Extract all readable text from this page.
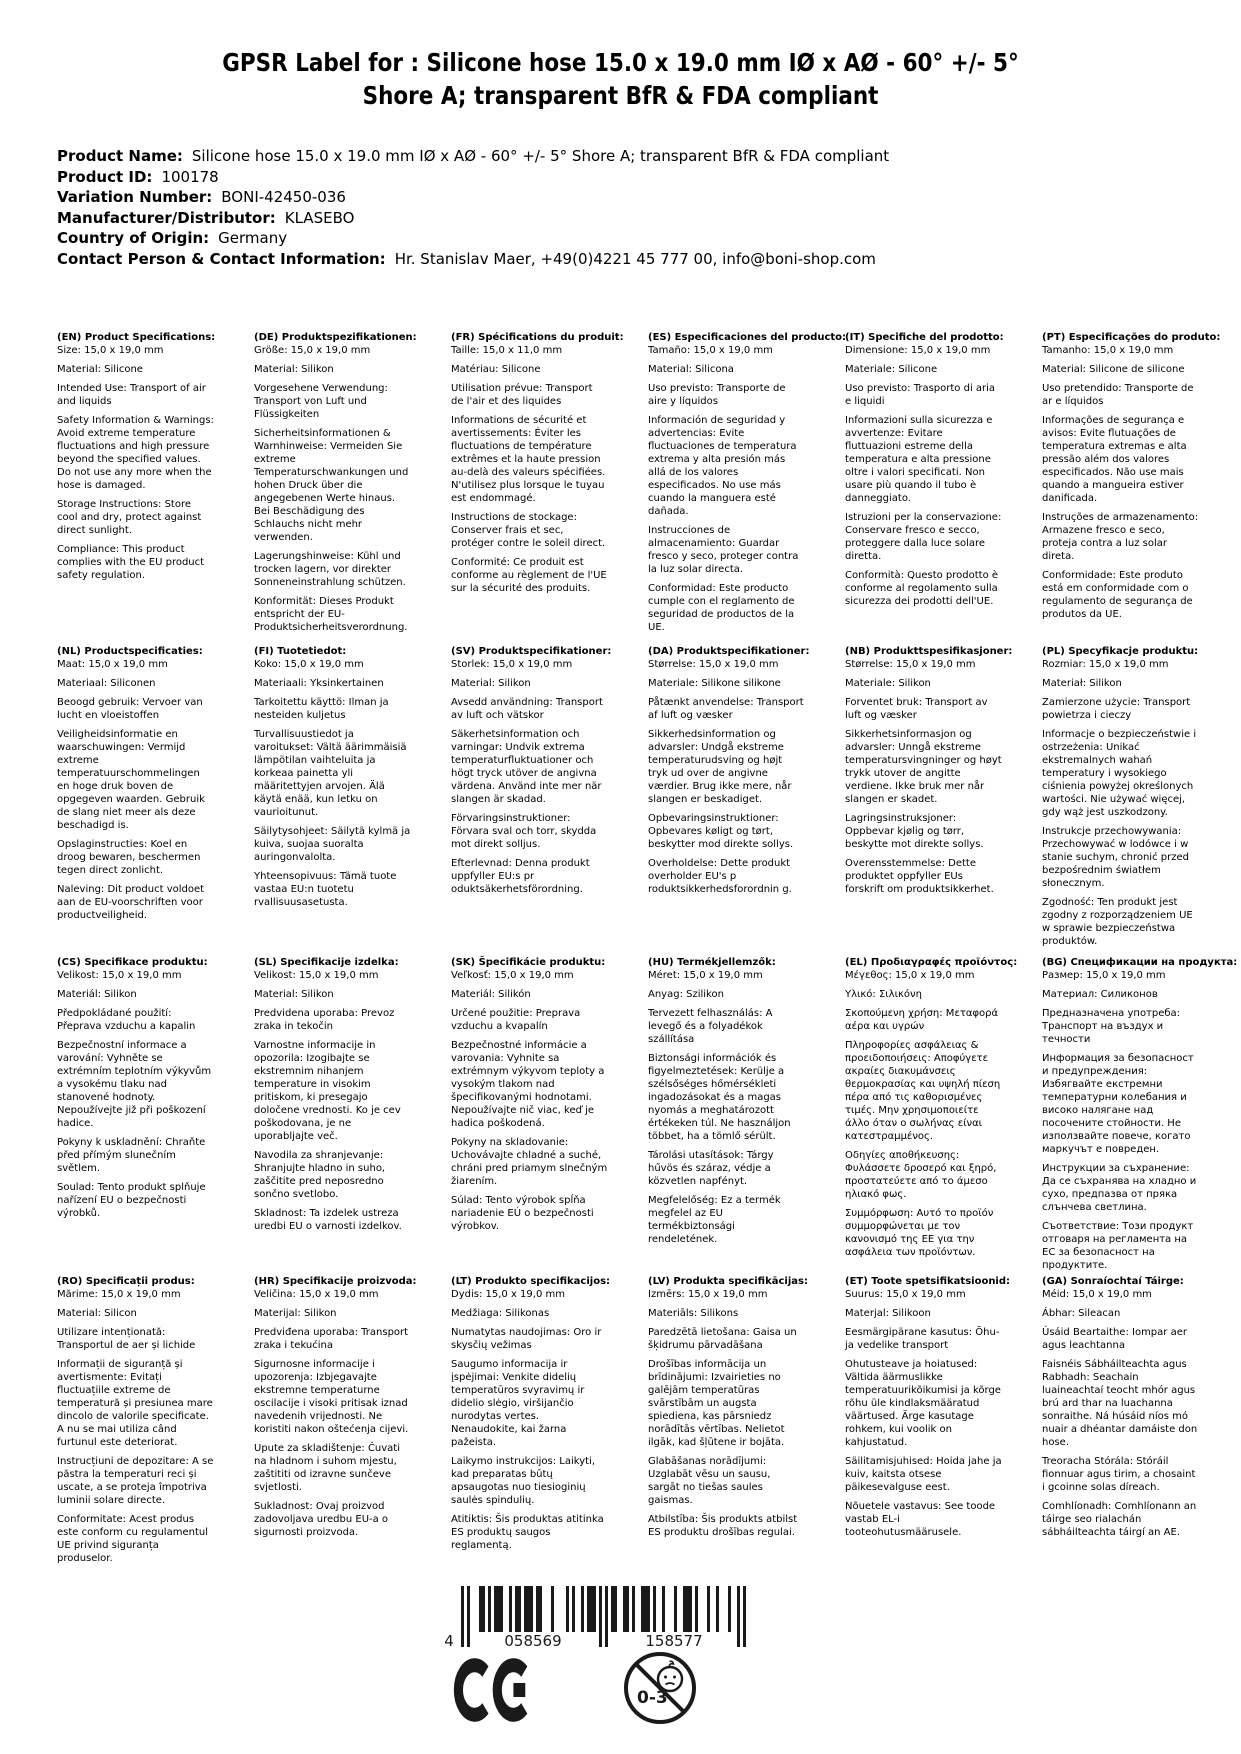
GPSR Label for : Silicone hose 15.0 x 19.0 mm IØ x AØ - 60° +/- 5°
Shore A; transparent BfR & FDA compliant
Product Name: Silicone hose 15.0 x 19.0 mm IØ x AØ - 60° +/- 5° Shore A; transparent BfR & FDA compliant
Product ID: 100178
Variation Number: BONI-42450-036
Manufacturer/Distributor: KLASEBO
Country of Origin: Germany
Contact Person & Contact Information: Hr. Stanislav Maer, +49(0)4221 45 777 00, info@boni-shop.com
(EN) Product Specifications:

Size: 15,0 x 19,0 mm

Material: Silicone

Intended Use: Transport of air and liquids

Safety Information & Warnings: Avoid extreme temperature fluctuations and high pressure beyond the specified values. Do not use any more when the hose is damaged.

Storage Instructions: Store cool and dry, protect against direct sunlight.

Compliance: This product complies with the EU product safety regulation.

(DE) Produktspezifikationen:

Größe: 15,0 x 19,0 mm

Material: Silikon

Vorgesehene Verwendung: Transport von Luft und Flüssigkeiten

Sicherheitsinformationen & Warnhinweise: Vermeiden Sie extreme Temperaturschwankungen und hohen Druck über die angegebenen Werte hinaus. Bei Beschädigung des Schlauchs nicht mehr verwenden.

Lagerungshinweise: Kühl und trocken lagern, vor direkter Sonneneinstrahlung schützen.

Konformität: Dieses Produkt entspricht der EU-Produktsicherheitsverordnung.

(FR) Spécifications du produit:

Taille: 15,0 x 11,0 mm

Matériau: Silicone

Utilisation prévue: Transport de l'air et des liquides

Informations de sécurité et avertissements: Éviter les fluctuations de température extrêmes et la haute pression au-delà des valeurs spécifiées. N'utilisez plus lorsque le tuyau est endommagé.

Instructions de stockage: Conserver frais et sec, protéger contre le soleil direct.

Conformité: Ce produit est conforme au règlement de l'UE sur la sécurité des produits.

(ES) Especificaciones del producto:

Tamaño: 15,0 x 19,0 mm

Material: Silicona

Uso previsto: Transporte de aire y líquidos

Información de seguridad y advertencias: Evite fluctuaciones de temperatura extrema y alta presión más allá de los valores especificados. No use más cuando la manguera esté dañada.

Instrucciones de almacenamiento: Guardar fresco y seco, proteger contra la luz solar directa.

Conformidad: Este producto cumple con el reglamento de seguridad de productos de la UE.

(IT) Specifiche del prodotto:

Dimensione: 15,0 x 19,0 mm

Materiale: Silicone

Uso previsto: Trasporto di aria e liquidi

Informazioni sulla sicurezza e avvertenze: Evitare fluttuazioni estreme della temperatura e alta pressione oltre i valori specificati. Non usare più quando il tubo è danneggiato.

Istruzioni per la conservazione: Conservare fresco e secco, proteggere dalla luce solare diretta.

Conformità: Questo prodotto è conforme al regolamento sulla sicurezza dei prodotti dell'UE.

(PT) Especificações do produto:

Tamanho: 15,0 x 19,0 mm

Material: Silicone de silicone

Uso pretendido: Transporte de ar e líquidos

Informações de segurança e avisos: Evite flutuações de temperatura extremas e alta pressão além dos valores especificados. Não use mais quando a mangueira estiver danificada.

Instruções de armazenamento: Armazene fresco e seco, proteja contra a luz solar direta.

Conformidade: Este produto está em conformidade com o regulamento de segurança de produtos da UE.

(NL) Productspecificaties:

Maat: 15,0 x 19,0 mm

Materiaal: Siliconen

Beoogd gebruik: Vervoer van lucht en vloeistoffen

Veiligheidsinformatie en waarschuwingen: Vermijd extreme temperatuurschommelingen en hoge druk boven de opgegeven waarden. Gebruik de slang niet meer als deze beschadigd is.

Opslaginstructies: Koel en droog bewaren, beschermen tegen direct zonlicht.

Naleving: Dit product voldoet aan de EU-voorschriften voor productveiligheid.

(FI) Tuotetiedot:

Koko: 15,0 x 19,0 mm

Materiaali: Yksinkertainen

Tarkoitettu käyttö: Ilman ja nesteiden kuljetus

Turvallisuustiedot ja varoitukset: Vältä äärimmäisiä lämpötilan vaihteluita ja korkeaa painetta yli määritettyjen arvojen. Älä käytä enää, kun letku on vaurioitunut.

Säilytysohjeet: Säilytä kylmä ja kuiva, suojaa suoralta auringonvalolta.

Yhteensopivuus: Tämä tuote vastaa EU:n tuotetu rvallisuusasetusta.

(SV) Produktspecifikationer:

Storlek: 15,0 x 19,0 mm

Material: Silikon

Avsedd användning: Transport av luft och vätskor

Säkerhetsinformation och varningar: Undvik extrema temperaturfluktuationer och högt tryck utöver de angivna värdena. Använd inte mer när slangen är skadad.

Förvaringsinstruktioner: Förvara sval och torr, skydda mot direkt solljus.

Efterlevnad: Denna produkt uppfyller EU:s pr oduktsäkerhetsförordning.

(DA) Produktspecifikationer:

Størrelse: 15,0 x 19,0 mm

Materiale: Silikone silikone

Påtænkt anvendelse: Transport af luft og væsker

Sikkerhedsinformation og advarsler: Undgå ekstreme temperaturudsving og højt tryk ud over de angivne værdier. Brug ikke mere, når slangen er beskadiget.

Opbevaringsinstruktioner: Opbevares køligt og tørt, beskytter mod direkte sollys.

Overholdelse: Dette produkt overholder EU's p roduktsikkerhedsforordnin g.

(NB) Produkttspesifikasjoner:

Størrelse: 15,0 x 19,0 mm

Materiale: Silikon

Forventet bruk: Transport av luft og væsker

Sikkerhetsinformasjon og advarsler: Unngå ekstreme temperatursvingninger og høyt trykk utover de angitte verdiene. Ikke bruk mer når slangen er skadet.

Lagringsinstruksjoner: Oppbevar kjølig og tørr, beskytte mot direkte sollys.

Overensstemmelse: Dette produktet oppfyller EUs forskrift om produktsikkerhet.

(PL) Specyfikacje produktu:

Rozmiar: 15,0 x 19,0 mm

Materiał: Silikon

Zamierzone użycie: Transport powietrza i cieczy

Informacje o bezpieczeństwie i ostrzeżenia: Unikać ekstremalnych wahań temperatury i wysokiego ciśnienia powyżej określonych wartości. Nie używać więcej, gdy wąż jest uszkodzony.

Instrukcje przechowywania: Przechowywać w lodówce i w stanie suchym, chronić przed bezpośrednim światłem słonecznym.

Zgodność: Ten produkt jest zgodny z rozporządzeniem UE w sprawie bezpieczeństwa produktów.

(CS) Specifikace produktu:

Velikost: 15,0 x 19,0 mm

Materiál: Silikon

Předpokládané použití: Přeprava vzduchu a kapalin

Bezpečnostní informace a varování: Vyhněte se extrémním teplotním výkyvům a vysokému tlaku nad stanovené hodnoty. Nepoužívejte již při poškození hadice.

Pokyny k uskladnění: Chraňte před přímým slunečním světlem.

Soulad: Tento produkt splňuje nařízení EU o bezpečnosti výrobků.

(SL) Specifikacije izdelka:

Velikost: 15,0 x 19,0 mm

Material: Silikon

Predvidena uporaba: Prevoz zraka in tekočin

Varnostne informacije in opozorila: Izogibajte se ekstremnim nihanjem temperature in visokim pritiskom, ki presegajo določene vrednosti. Ko je cev poškodovana, je ne uporabljajte več.

Navodila za shranjevanje: Shranjujte hladno in suho, zaščitite pred neposredno sončno svetlobo.

Skladnost: Ta izdelek ustreza uredbi EU o varnosti izdelkov.

(SK) Špecifikácie produktu:

Veľkosť: 15,0 x 19,0 mm

Materiál: Silikón

Určené použitie: Preprava vzduchu a kvapalín

Bezpečnostné informácie a varovania: Vyhnite sa extrémnym výkyvom teploty a vysokým tlakom nad špecifikovanými hodnotami. Nepoužívajte nič viac, keď je hadica poškodená.

Pokyny na skladovanie: Uchovávajte chladné a suché, chráni pred priamym slnečným žiarením.

Súlad: Tento výrobok spĺňa nariadenie EÚ o bezpečnosti výrobkov.

(HU) Termékjellemzők:

Méret: 15,0 x 19,0 mm

Anyag: Szilikon

Tervezett felhasználás: A levegő és a folyadékok szállítása

Biztonsági információk és figyelmeztetések: Kerülje a szélsőséges hőmérsékleti ingadozásokat és a magas nyomás a meghatározott értékeken túl. Ne használjon többet, ha a tömlő sérült.

Tárolási utasítások: Tárgy hűvös és száraz, védje a közvetlen napfényt.

Megfelelőség: Ez a termék megfelel az EU termékbiztonsági rendeletének.

(EL) Προδιαγραφές προϊόντος:

Μέγεθος: 15,0 x 19,0 mm

Υλικό: Σιλικόνη

Σκοπούμενη χρήση: Μεταφορά αέρα και υγρών

Πληροφορίες ασφάλειας & προειδοποιήσεις: Αποφύγετε ακραίες διακυμάνσεις θερμοκρασίας και υψηλή πίεση πέρα από τις καθορισμένες τιμές. Μην χρησιμοποιείτε άλλο όταν ο σωλήνας είναι κατεστραμμένος.

Οδηγίες αποθήκευσης: Φυλάσσετε δροσερό και ξηρό, προστατεύετε από το άμεσο ηλιακό φως.

Συμμόρφωση: Αυτό το προϊόν συμμορφώνεται με τον κανονισμό της ΕΕ για την ασφάλεια των προϊόντων.

(BG) Спецификации на продукта:

Размер: 15,0 x 19,0 mm

Материал: Силиконов

Предназначена употреба: Транспорт на въздух и течности

Информация за безопасност и предупреждения: Избягвайте екстремни температурни колебания и високо налягане над посочените стойности. Не използвайте повече, когато маркучът е повреден.

Инструкции за съхранение: Да се съхранява на хладно и сухо, предпазва от пряка слънчева светлина.

Съответствие: Този продукт отговаря на регламента на ЕС за безопасност на продуктите.

(RO) Specificații produs:

Mărime: 15,0 x 19,0 mm

Material: Silicon

Utilizare intenționată: Transportul de aer și lichide

Informații de siguranță și avertismente: Evitați fluctuațiile extreme de temperatură și presiunea mare dincolo de valorile specificate. A nu se mai utiliza când furtunul este deteriorat.

Instrucțiuni de depozitare: A se păstra la temperaturi reci și uscate, a se proteja împotriva luminii solare directe.

Conformitate: Acest produs este conform cu regulamentul UE privind siguranța produselor.

(HR) Specifikacije proizvoda:

Veličina: 15,0 x 19,0 mm

Materijal: Silikon

Predviđena uporaba: Transport zraka i tekućina

Sigurnosne informacije i upozorenja: Izbjegavajte ekstremne temperaturne oscilacije i visoki pritisak iznad navedenih vrijednosti. Ne koristiti nakon oštećenja cijevi.

Upute za skladištenje: Čuvati na hladnom i suhom mjestu, zaštititi od izravne sunčeve svjetlosti.

Sukladnost: Ovaj proizvod zadovoljava uredbu EU-a o sigurnosti proizvoda.

(LT) Produkto specifikacijos:

Dydis: 15,0 x 19,0 mm

Medžiaga: Silikonas

Numatytas naudojimas: Oro ir skysčių vežimas

Saugumo informacija ir įspėjimai: Venkite didelių temperatūros svyravimų ir didelio slėgio, viršijančio nurodytas vertes. Nenaudokite, kai žarna pažeista.

Laikymo instrukcijos: Laikyti, kad preparatas būtų apsaugotas nuo tiesioginių saulės spindulių.

Atitiktis: Šis produktas atitinka ES produktų saugos reglamentą.

(LV) Produkta specifikācijas:

Izmērs: 15,0 x 19,0 mm

Materiāls: Silikons

Paredzētā lietošana: Gaisa un šķidrumu pārvadāšana

Drošības informācija un brīdinājumi: Izvairieties no galējām temperatūras svārstībām un augsta spiediena, kas pārsniedz norādītās vērtības. Nelietot ilgāk, kad šļūtene ir bojāta.

Glabāšanas norādījumi: Uzglabāt vēsu un sausu, sargāt no tiešas saules gaismas.

Atbilstība: Šis produkts atbilst ES produktu drošības regulai.

(ET) Toote spetsifikatsioonid:

Suurus: 15,0 x 19,0 mm

Materjal: Silikoon

Eesmärgipärane kasutus: Õhu- ja vedelike transport

Ohutusteave ja hoiatused: Vältida äärmuslikke temperatuurikõikumisi ja kõrge rõhu üle kindlaksmääratud väärtused. Ärge kasutage rohkem, kui voolik on kahjustatud.

Säilitamisjuhised: Hoida jahe ja kuiv, kaitsta otsese päikesevalguse eest.

Nõuetele vastavus: See toode vastab EL-i tooteohutusmäärusele.

(GA) Sonraíochtaí Táirge:

Méid: 15,0 x 19,0 mm

Ábhar: Sileacan

Úsáid Beartaithe: Iompar aer agus leachtanna

Faisnéis Sábháilteachta agus Rabhadh: Seachain luaineachtaí teocht mhór agus brú ard thar na luachanna sonraithe. Ná húsáid níos mó nuair a dhéantar damáiste don hose.

Treoracha Stórála: Stóráil fionnuar agus tirim, a chosaint i gcoinne solas díreach.

Comhlíonadh: Comhlíonann an táirge seo rialachán sábháilteachta táirgí an AE.

4	058569	158577
0-3
